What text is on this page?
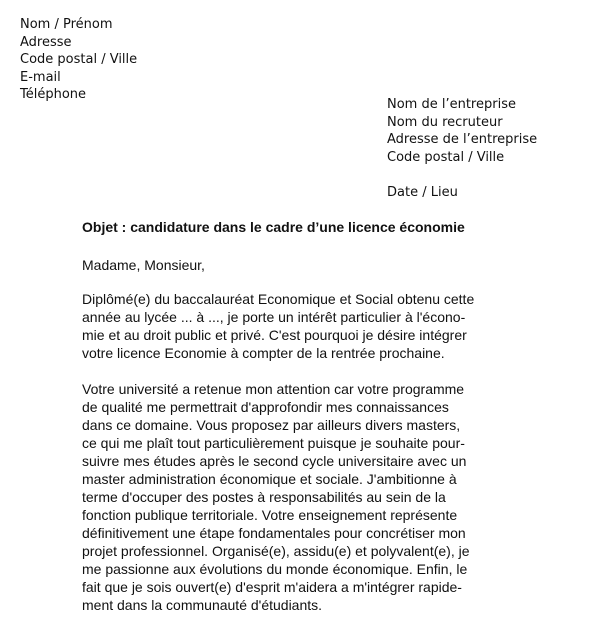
Nom / Prénom
Adresse
Code postal / Ville
E-mail
Téléphone
Nom de l’entreprise
Nom du recruteur
Adresse de l’entreprise
Code postal / Ville
Date / Lieu
Objet : candidature dans le cadre d’une licence économie
Madame, Monsieur,
Diplômé(e) du baccalauréat Economique et Social obtenu cette
année au lycée ... à ..., je porte un intérêt particulier à l'écono-
mie et au droit public et privé. C'est pourquoi je désire intégrer
votre licence Economie à compter de la rentrée prochaine.
Votre université a retenue mon attention car votre programme
de qualité me permettrait d'approfondir mes connaissances
dans ce domaine. Vous proposez par ailleurs divers masters,
ce qui me plaît tout particulièrement puisque je souhaite pour-
suivre mes études après le second cycle universitaire avec un
master administration économique et sociale. J'ambitionne à
terme d'occuper des postes à responsabilités au sein de la
fonction publique territoriale. Votre enseignement représente
définitivement une étape fondamentales pour concrétiser mon
projet professionnel. Organisé(e), assidu(e) et polyvalent(e), je
me passionne aux évolutions du monde économique. Enfin, le
fait que je sois ouvert(e) d'esprit m'aidera a m'intégrer rapide-
ment dans la communauté d'étudiants.
